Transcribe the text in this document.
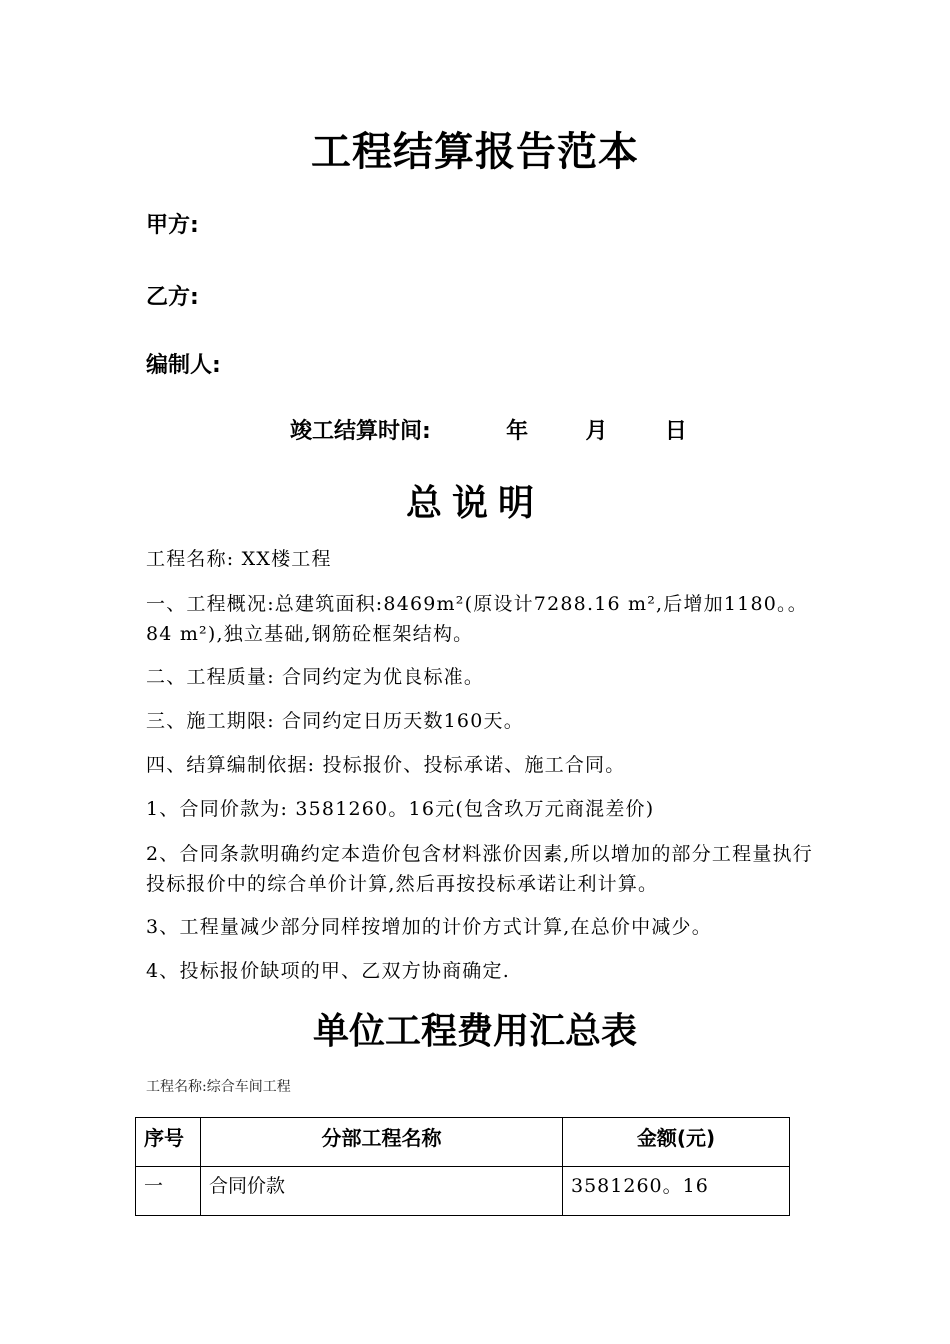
工程结算报告范本
甲方:
乙方:
编制人:
竣工结算时间:	年	月	日
总说明
工程名称: XX楼工程
一、工程概况:总建筑面积:8469m²(原设计7288.16 m²,后增加1180。。84 m²),独立基础,钢筋砼框架结构。
二、工程质量: 合同约定为优良标准。
三、施工期限: 合同约定日历天数160天。
四、结算编制依据: 投标报价、投标承诺、施工合同。
1、合同价款为: 3581260。16元(包含玖万元商混差价)
2、合同条款明确约定本造价包含材料涨价因素,所以增加的部分工程量执行投标报价中的综合单价计算,然后再按投标承诺让利计算。
3、工程量减少部分同样按增加的计价方式计算,在总价中减少。
4、投标报价缺项的甲、乙双方协商确定.
单位工程费用汇总表
工程名称:综合车间工程
序号	分部工程名称	金额(元)
一	合同价款	3581260。16
